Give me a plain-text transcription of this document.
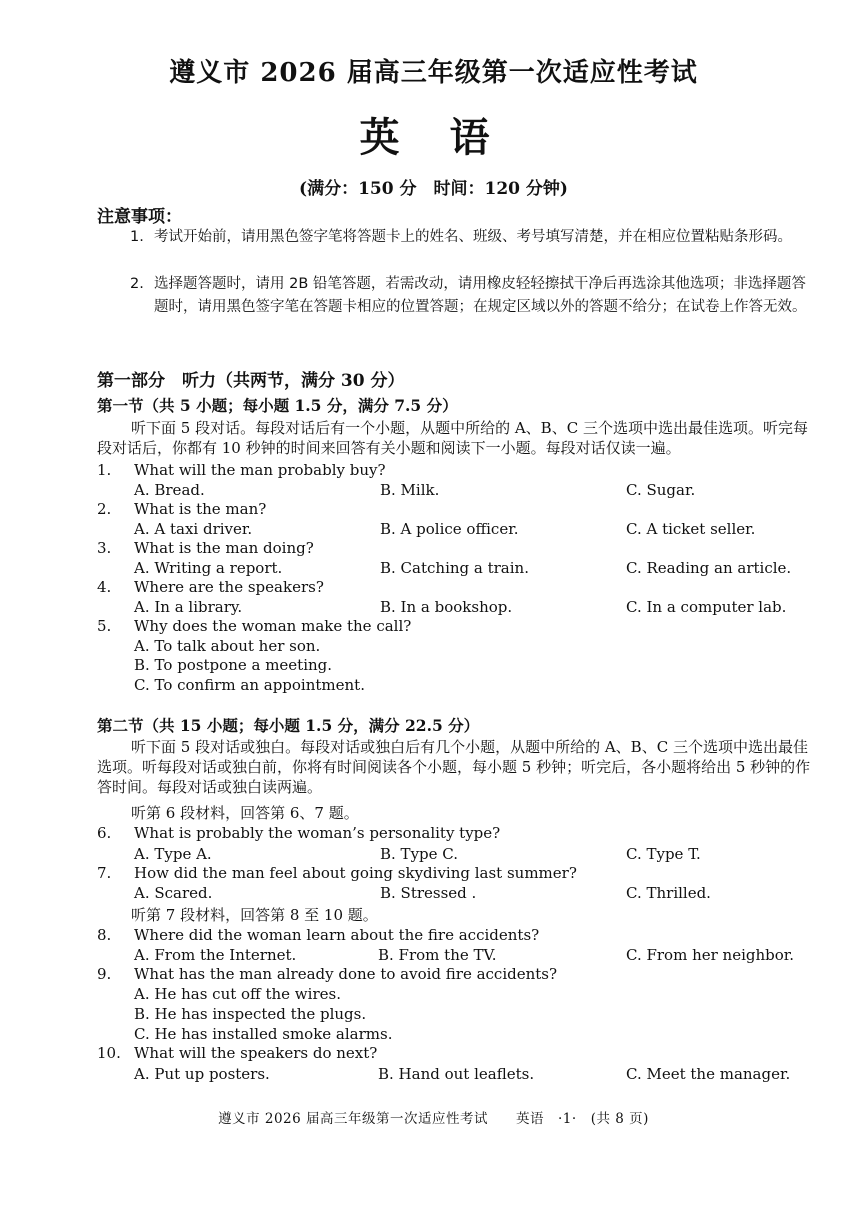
遵义市 2026 届高三年级第一次适应性考试
英 语
(满分：150 分　时间：120 分钟)
注意事项：
1. 考试开始前，请用黑色签字笔将答题卡上的姓名、班级、考号填写清楚，并在相应位置粘贴条形码。
2. 选择题答题时，请用 2B 铅笔答题，若需改动，请用橡皮轻轻擦拭干净后再选涂其他选项；非选择题答题时，请用黑色签字笔在答题卡相应的位置答题；在规定区域以外的答题不给分；在试卷上作答无效。
第一部分　听力（共两节，满分 30 分）
第一节（共 5 小题；每小题 1.5 分，满分 7.5 分）
听下面 5 段对话。每段对话后有一个小题，从题中所给的 A、B、C 三个选项中选出最佳选项。听完每段对话后，你都有 10 秒钟的时间来回答有关小题和阅读下一小题。每段对话仅读一遍。
1. What will the man probably buy?
A. Bread.	B. Milk.	C. Sugar.
2. What is the man?
A. A taxi driver.	B. A police officer.	C. A ticket seller.
3. What is the man doing?
A. Writing a report.	B. Catching a train.	C. Reading an article.
4. Where are the speakers?
A. In a library.	B. In a bookshop.	C. In a computer lab.
5. Why does the woman make the call?
A. To talk about her son.
B. To postpone a meeting.
C. To confirm an appointment.
第二节（共 15 小题；每小题 1.5 分，满分 22.5 分）
听下面 5 段对话或独白。每段对话或独白后有几个小题，从题中所给的 A、B、C 三个选项中选出最佳选项。听每段对话或独白前，你将有时间阅读各个小题，每小题 5 秒钟；听完后，各小题将给出 5 秒钟的作答时间。每段对话或独白读两遍。
听第 6 段材料，回答第 6、7 题。
6. What is probably the woman’s personality type?
A. Type A.	B. Type C.	C. Type T.
7. How did the man feel about going skydiving last summer?
A. Scared.	B. Stressed .	C. Thrilled.
听第 7 段材料，回答第 8 至 10 题。
8. Where did the woman learn about the fire accidents?
A. From the Internet.	B. From the TV.	C. From her neighbor.
9. What has the man already done to avoid fire accidents?
A. He has cut off the wires.
B. He has inspected the plugs.
C. He has installed smoke alarms.
10. What will the speakers do next?
A. Put up posters.	B. Hand out leaflets.	C. Meet the manager.
遵义市 2026 届高三年级第一次适应性考试　　英语　·1·　(共 8 页)
